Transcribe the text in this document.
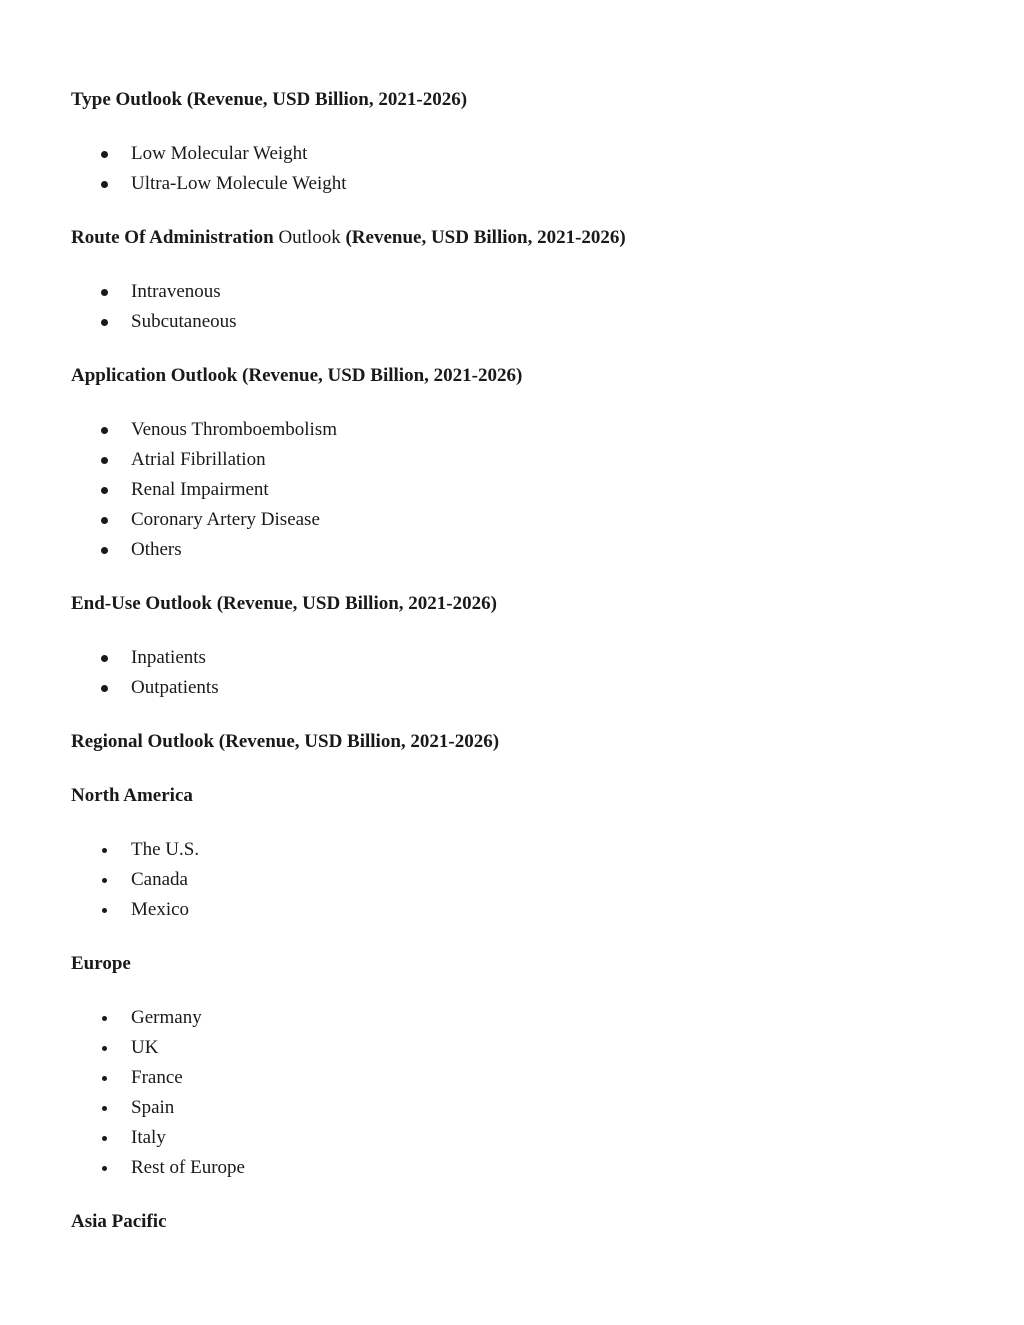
Type Outlook (Revenue, USD Billion, 2021-2026)

Low Molecular Weight
Ultra-Low Molecule Weight

Route Of Administration Outlook (Revenue, USD Billion, 2021-2026)

Intravenous
Subcutaneous

Application Outlook (Revenue, USD Billion, 2021-2026)

Venous Thromboembolism
Atrial Fibrillation
Renal Impairment
Coronary Artery Disease
Others

End-Use Outlook (Revenue, USD Billion, 2021-2026)

Inpatients
Outpatients

Regional Outlook (Revenue, USD Billion, 2021-2026)

North America

The U.S.
Canada
Mexico

Europe

Germany
UK
France
Spain
Italy
Rest of Europe

Asia Pacific
